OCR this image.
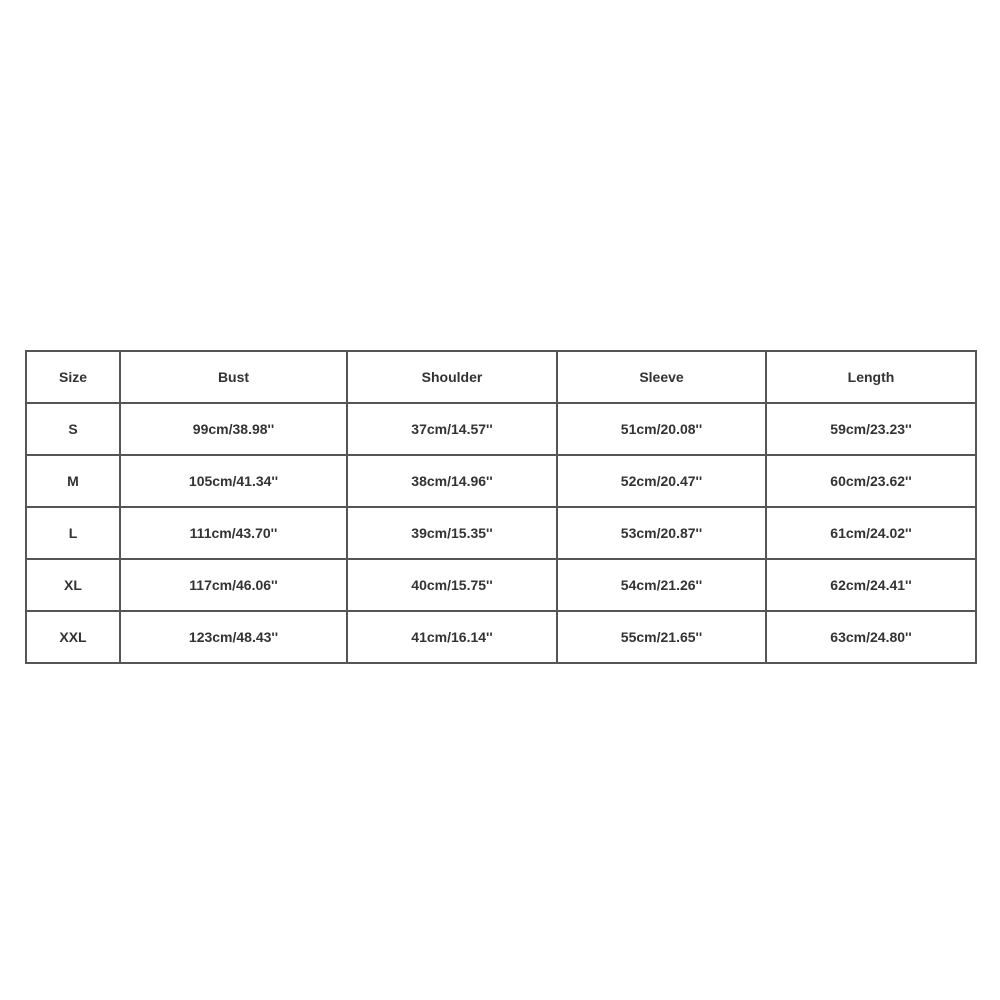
Size	Bust	Shoulder	Sleeve	Length
S	99cm/38.98''	37cm/14.57''	51cm/20.08''	59cm/23.23''
M	105cm/41.34''	38cm/14.96''	52cm/20.47''	60cm/23.62''
L	111cm/43.70''	39cm/15.35''	53cm/20.87''	61cm/24.02''
XL	117cm/46.06''	40cm/15.75''	54cm/21.26''	62cm/24.41''
XXL	123cm/48.43''	41cm/16.14''	55cm/21.65''	63cm/24.80''
